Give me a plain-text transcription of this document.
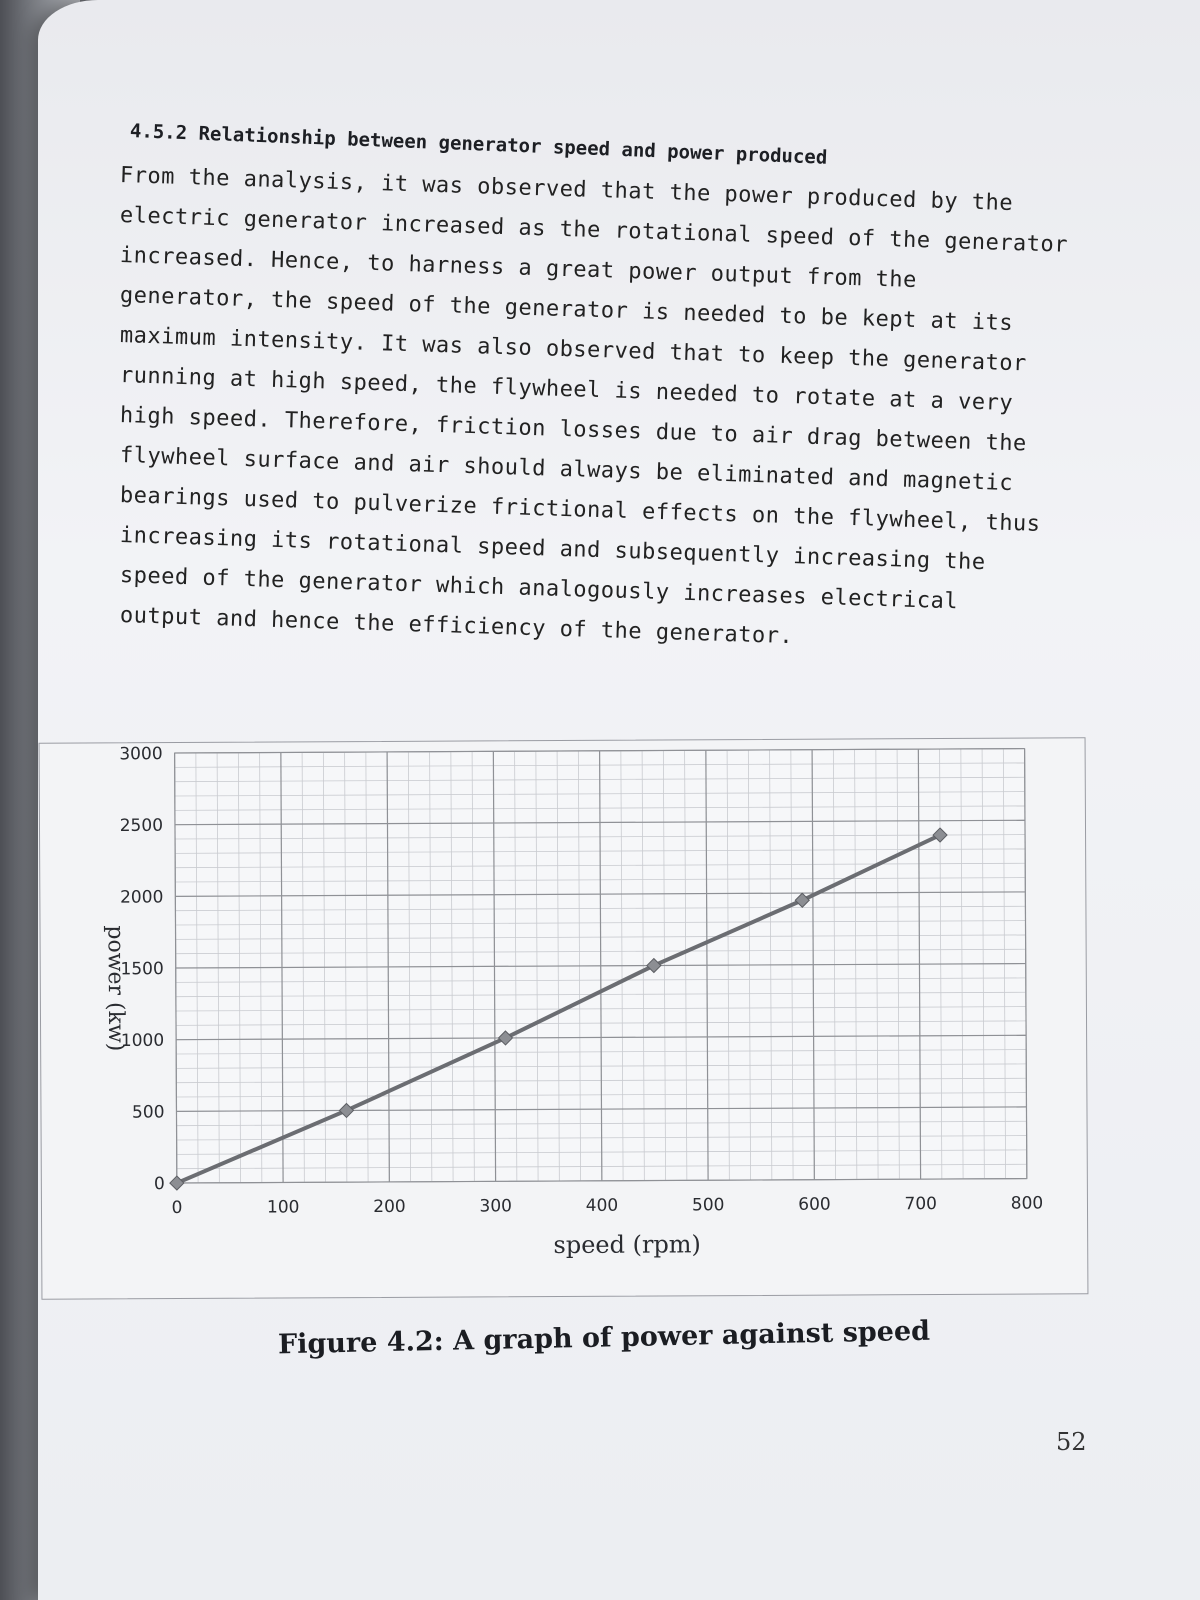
4.5.2 Relationship between generator speed and power produced
From the analysis, it was observed that the power produced by the
electric generator increased as the rotational speed of the generator
increased. Hence, to harness a great power output from the
generator, the speed of the generator is needed to be kept at its
maximum intensity. It was also observed that to keep the generator
running at high speed, the flywheel is needed to rotate at a very
high speed. Therefore, friction losses due to air drag between the
flywheel surface and air should always be eliminated and magnetic
bearings used to pulverize frictional effects on the flywheel, thus
increasing its rotational speed and subsequently increasing the
speed of the generator which analogously increases electrical
output and hence the efficiency of the generator.
0	100	200	300	400	500	600	700	800
0
500
1000
1500
2000
2500
3000
speed (rpm)
power (kw)
Figure 4.2: A graph of power against speed
52
